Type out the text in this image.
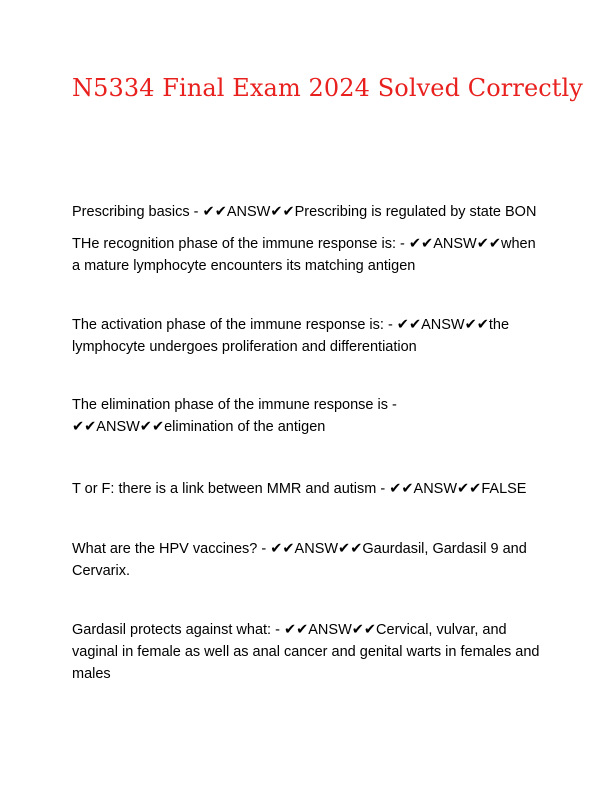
N5334 Final Exam 2024 Solved Correctly

Prescribing basics - ✔✔ANSW✔✔Prescribing is regulated by state BON

THe recognition phase of the immune response is: - ✔✔ANSW✔✔when a mature lymphocyte encounters its matching antigen

The activation phase of the immune response is: - ✔✔ANSW✔✔the lymphocyte undergoes proliferation and differentiation

The elimination phase of the immune response is - ✔✔ANSW✔✔elimination of the antigen

T or F: there is a link between MMR and autism - ✔✔ANSW✔✔FALSE

What are the HPV vaccines? - ✔✔ANSW✔✔Gaurdasil, Gardasil 9 and Cervarix.

Gardasil protects against what: - ✔✔ANSW✔✔Cervical, vulvar, and vaginal in female as well as anal cancer and genital warts in females and males
